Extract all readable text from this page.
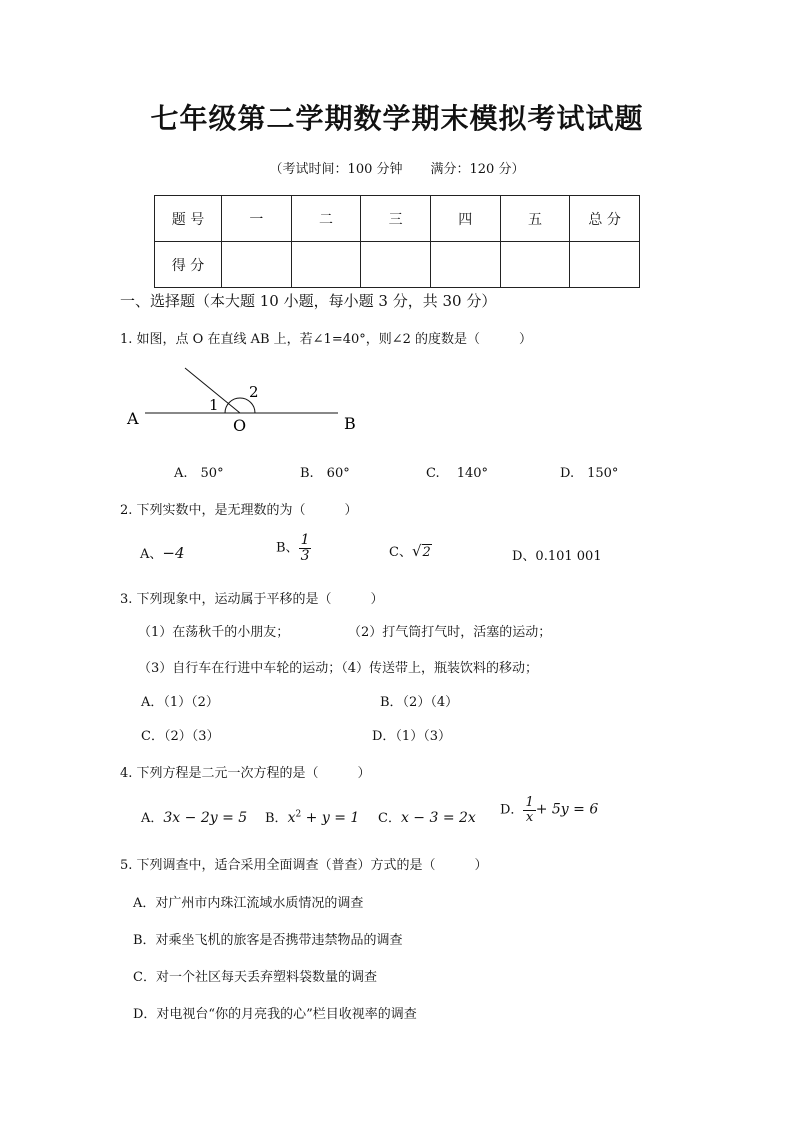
七年级第二学期数学期末模拟考试试题
（考试时间：100 分钟 满分：120 分）
题 号	一	二	三	四	五	总 分
得 分						
一、选择题（本大题 10 小题，每小题 3 分，共 30 分）
1. 如图，点 O 在直线 AB 上，若∠1=40°，则∠2 的度数是（　　　）
A	O	B
1
2
A.　50°	B.　60°	C.　 140°	D.　150°
2. 下列实数中，是无理数的为（　　　）
A、−4	B、 $\frac{1}{3}$	C、√2	D、0.101 001
3. 下列现象中，运动属于平移的是（　　　）
（1）在荡秋千的小朋友；	（2）打气筒打气时，活塞的运动；
（3）自行车在行进中车轮的运动；（4）传送带上，瓶装饮料的移动；
A．（1）（2）	B．（2）（4）
C．（2）（3）	D．（1）（3）
4. 下列方程是二元一次方程的是（　　　）
A．3x − 2y = 5 B．$x^2 + y = 1$ C．x − 3 = 2x D． $\frac{1}{x} + 5y = 6$
5. 下列调查中，适合采用全面调查（普查）方式的是（　　　）
A．对广州市内珠江流域水质情况的调查
B．对乘坐飞机的旅客是否携带违禁物品的调查
C．对一个社区每天丢弃塑料袋数量的调查
D．对电视台“你的月亮我的心”栏目收视率的调查
